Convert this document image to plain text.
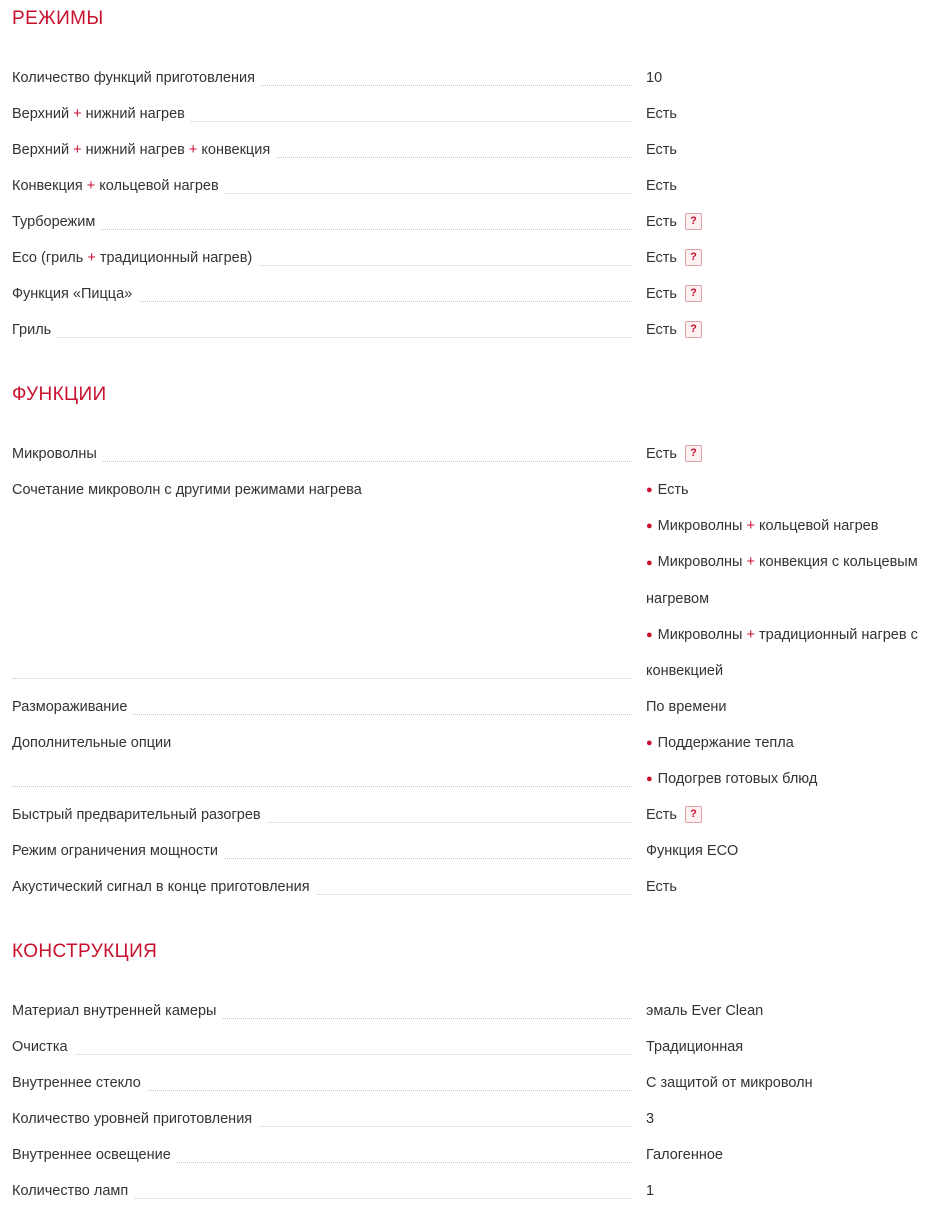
РЕЖИМЫ
Количество функций приготовления	10

Верхний + нижний нагрев	Есть

Верхний + нижний нагрев + конвекция	Есть

Конвекция + кольцевой нагрев	Есть

Турборежим	Есть ?

Eco (гриль + традиционный нагрев)	Есть ?

Функция «Пицца»	Есть ?

Гриль	Есть ?
ФУНКЦИИ
Микроволны	Есть ?

Сочетание микроволн с другими режимами нагрева	● Есть
● Микроволны + кольцевой нагрев
● Микроволны + конвекция с кольцевым нагревом
● Микроволны + традиционный нагрев с конвекцией

Размораживание	По времени

Дополнительные опции	● Поддержание тепла
● Подогрев готовых блюд

Быстрый предварительный разогрев	Есть ?

Режим ограничения мощности	Функция ECO

Акустический сигнал в конце приготовления	Есть
КОНСТРУКЦИЯ
Материал внутренней камеры	эмаль Ever Clean

Очистка	Традиционная

Внутреннее стекло	С защитой от микроволн

Количество уровней приготовления	3

Внутреннее освещение	Галогенное

Количество ламп	1
